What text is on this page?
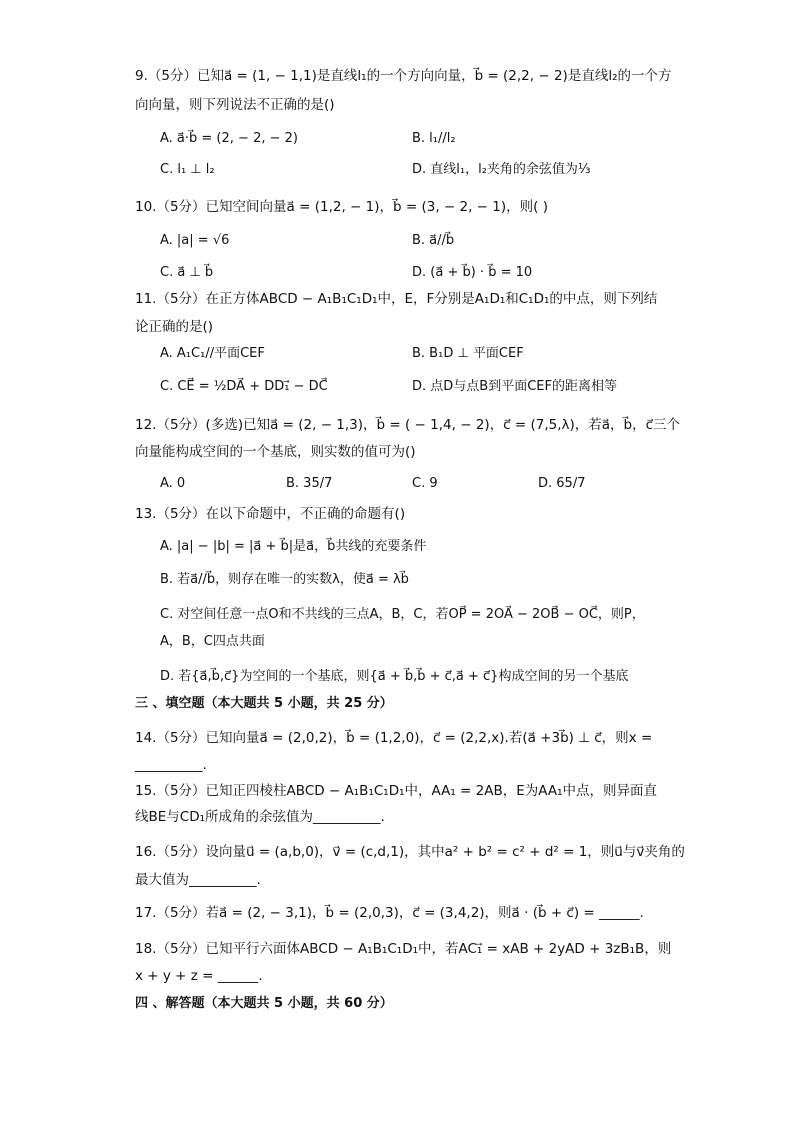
9.（5分）已知a⃗ = (1, − 1,1)是直线l₁的一个方向向量，b⃗ = (2,2, − 2)是直线l₂的一个方
向向量，则下列说法不正确的是()
A. a⃗·b⃗ = (2, − 2, − 2)	B. l₁//l₂
C. l₁ ⊥ l₂	D. 直线l₁，l₂夹角的余弦值为⅓
10.（5分）已知空间向量a⃗ = (1,2, − 1)，b⃗ = (3, − 2, − 1)，则( )
A. |a| = √6	B. a⃗//b⃗
C. a⃗ ⊥ b⃗	D. (a⃗ + b⃗) · b⃗ = 10
11.（5分）在正方体ABCD − A₁B₁C₁D₁中，E，F分别是A₁D₁和C₁D₁的中点，则下列结
论正确的是()
A. A₁C₁//平面CEF	B. B₁D ⊥ 平面CEF
C. CE⃗ = ½DA⃗ + DD₁⃗ − DC⃗	D. 点D与点B到平面CEF的距离相等
12.（5分）(多选)已知a⃗ = (2, − 1,3)，b⃗ = ( − 1,4, − 2)，c⃗ = (7,5,λ)，若a⃗，b⃗，c⃗三个
向量能构成空间的一个基底，则实数的值可为()
A. 0	B. 35/7	C. 9	D. 65/7
13.（5分）在以下命题中，不正确的命题有()
A. |a| − |b| = |a⃗ + b⃗|是a⃗，b⃗共线的充要条件
B. 若a⃗//b⃗，则存在唯一的实数λ，使a⃗ = λb⃗
C. 对空间任意一点O和不共线的三点A，B，C，若OP⃗ = 2OA⃗ − 2OB⃗ − OC⃗，则P，
A，B，C四点共面
D. 若{a⃗,b⃗,c⃗}为空间的一个基底，则{a⃗ + b⃗,b⃗ + c⃗,a⃗ + c⃗}构成空间的另一个基底
三 、填空题（本大题共 5 小题，共 25 分）
14.（5分）已知向量a⃗ = (2,0,2)，b⃗ = (1,2,0)，c⃗ = (2,2,x).若(a⃗ +3b⃗) ⊥ c⃗，则x =
__________.
15.（5分）已知正四棱柱ABCD − A₁B₁C₁D₁中，AA₁ = 2AB，E为AA₁中点，则异面直
线BE与CD₁所成角的余弦值为__________.
16.（5分）设向量u⃗ = (a,b,0)，v⃗ = (c,d,1)，其中a² + b² = c² + d² = 1，则u⃗与v⃗夹角的
最大值为__________.
17.（5分）若a⃗ = (2, − 3,1)，b⃗ = (2,0,3)，c⃗ = (3,4,2)，则a⃗ · (b⃗ + c⃗) = ______.
18.（5分）已知平行六面体ABCD − A₁B₁C₁D₁中，若AC₁⃗ = xAB + 2yAD + 3zB₁B，则
x + y + z = ______.
四 、解答题（本大题共 5 小题，共 60 分）
